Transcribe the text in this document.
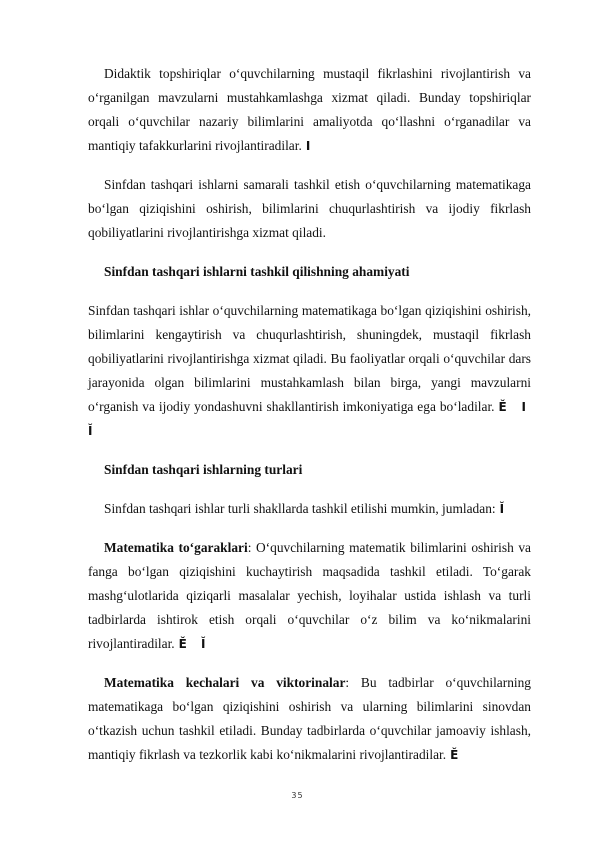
Didaktik topshiriqlar o‘quvchilarning mustaqil fikrlashini rivojlantirish va o‘rganilgan mavzularni mustahkamlashga xizmat qiladi. Bunday topshiriqlar orqali o‘quvchilar nazariy bilimlarini amaliyotda qo‘llashni o‘rganadilar va mantiqiy tafakkurlarini rivojlantiradilar. Ⅰ

Sinfdan tashqari ishlarni samarali tashkil etish o‘quvchilarning matematikaga bo‘lgan qiziqishini oshirish, bilimlarini chuqurlashtirish va ijodiy fikrlash qobiliyatlarini rivojlantirishga xizmat qiladi.

Sinfdan tashqari ishlarni tashkil qilishning ahamiyati

Sinfdan tashqari ishlar o‘quvchilarning matematikaga bo‘lgan qiziqishini oshirish, bilimlarini kengaytirish va chuqurlashtirish, shuningdek, mustaqil fikrlash qobiliyatlarini rivojlantirishga xizmat qiladi. Bu faoliyatlar orqali o‘quvchilar dars jarayonida olgan bilimlarini mustahkamlash bilan birga, yangi mavzularni o‘rganish va ijodiy yondashuvni shakllantirish imkoniyatiga ega bo‘ladilar. Ě Ⅰ Ĭ

Sinfdan tashqari ishlarning turlari

Sinfdan tashqari ishlar turli shakllarda tashkil etilishi mumkin, jumladan: Ĭ

Matematika to‘garaklari: O‘quvchilarning matematik bilimlarini oshirish va fanga bo‘lgan qiziqishini kuchaytirish maqsadida tashkil etiladi. To‘garak mashg‘ulotlarida qiziqarli masalalar yechish, loyihalar ustida ishlash va turli tadbirlarda ishtirok etish orqali o‘quvchilar o‘z bilim va ko‘nikmalarini rivojlantiradilar. Ě Ĭ

Matematika kechalari va viktorinalar: Bu tadbirlar o‘quvchilarning matematikaga bo‘lgan qiziqishini oshirish va ularning bilimlarini sinovdan o‘tkazish uchun tashkil etiladi. Bunday tadbirlarda o‘quvchilar jamoaviy ishlash, mantiqiy fikrlash va tezkorlik kabi ko‘nikmalarini rivojlantiradilar. Ě

35
